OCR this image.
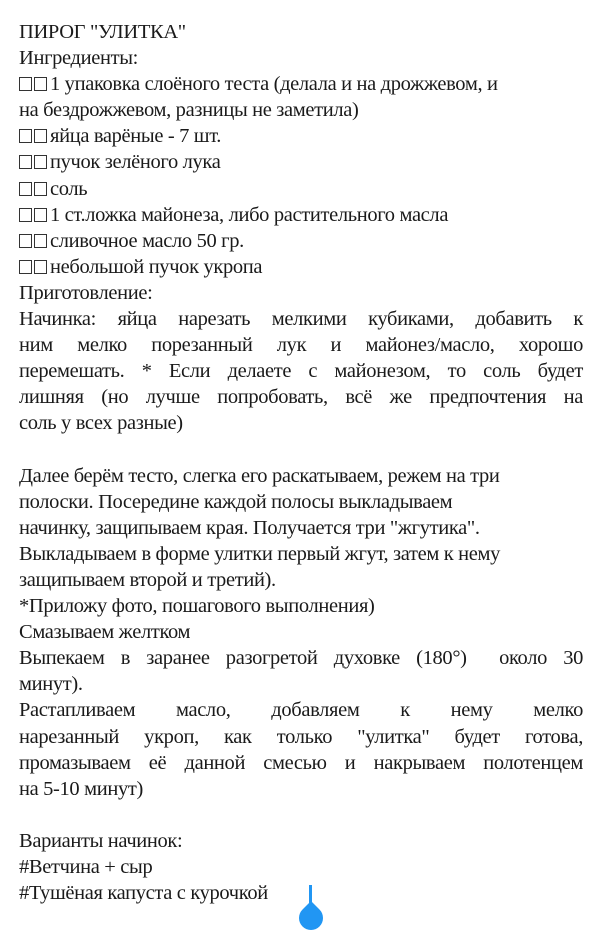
ПИРОГ "УЛИТКА"
Ингредиенты:
1 упаковка слоёного теста (делала и на дрожжевом, и
на бездрожжевом, разницы не заметила)
яйца варёные - 7 шт.
пучок зелёного лука
соль
1 ст.ложка майонеза, либо растительного масла
сливочное масло 50 гр.
небольшой пучок укропа
Приготовление:
Начинка: яйца нарезать мелкими кубиками, добавить к
ним мелко порезанный лук и майонез/масло, хорошо
перемешать. * Если делаете с майонезом, то соль будет
лишняя (но лучше попробовать, всё же предпочтения на
соль у всех разные)
Далее берём тесто, слегка его раскатываем, режем на три
полоски. Посередине каждой полосы выкладываем
начинку, защипываем края. Получается три "жгутика".
Выкладываем в форме улитки первый жгут, затем к нему
защипываем второй и третий).
*Приложу фото, пошагового выполнения)
Смазываем желтком
Выпекаем в заранее разогретой духовке (180°)  около 30
минут).
Растапливаем масло, добавляем к нему мелко
нарезанный укроп, как только "улитка" будет готова,
промазываем её данной смесью и накрываем полотенцем
на 5-10 минут)
Варианты начинок:
#Ветчина + сыр
#Тушёная капуста с курочкой
